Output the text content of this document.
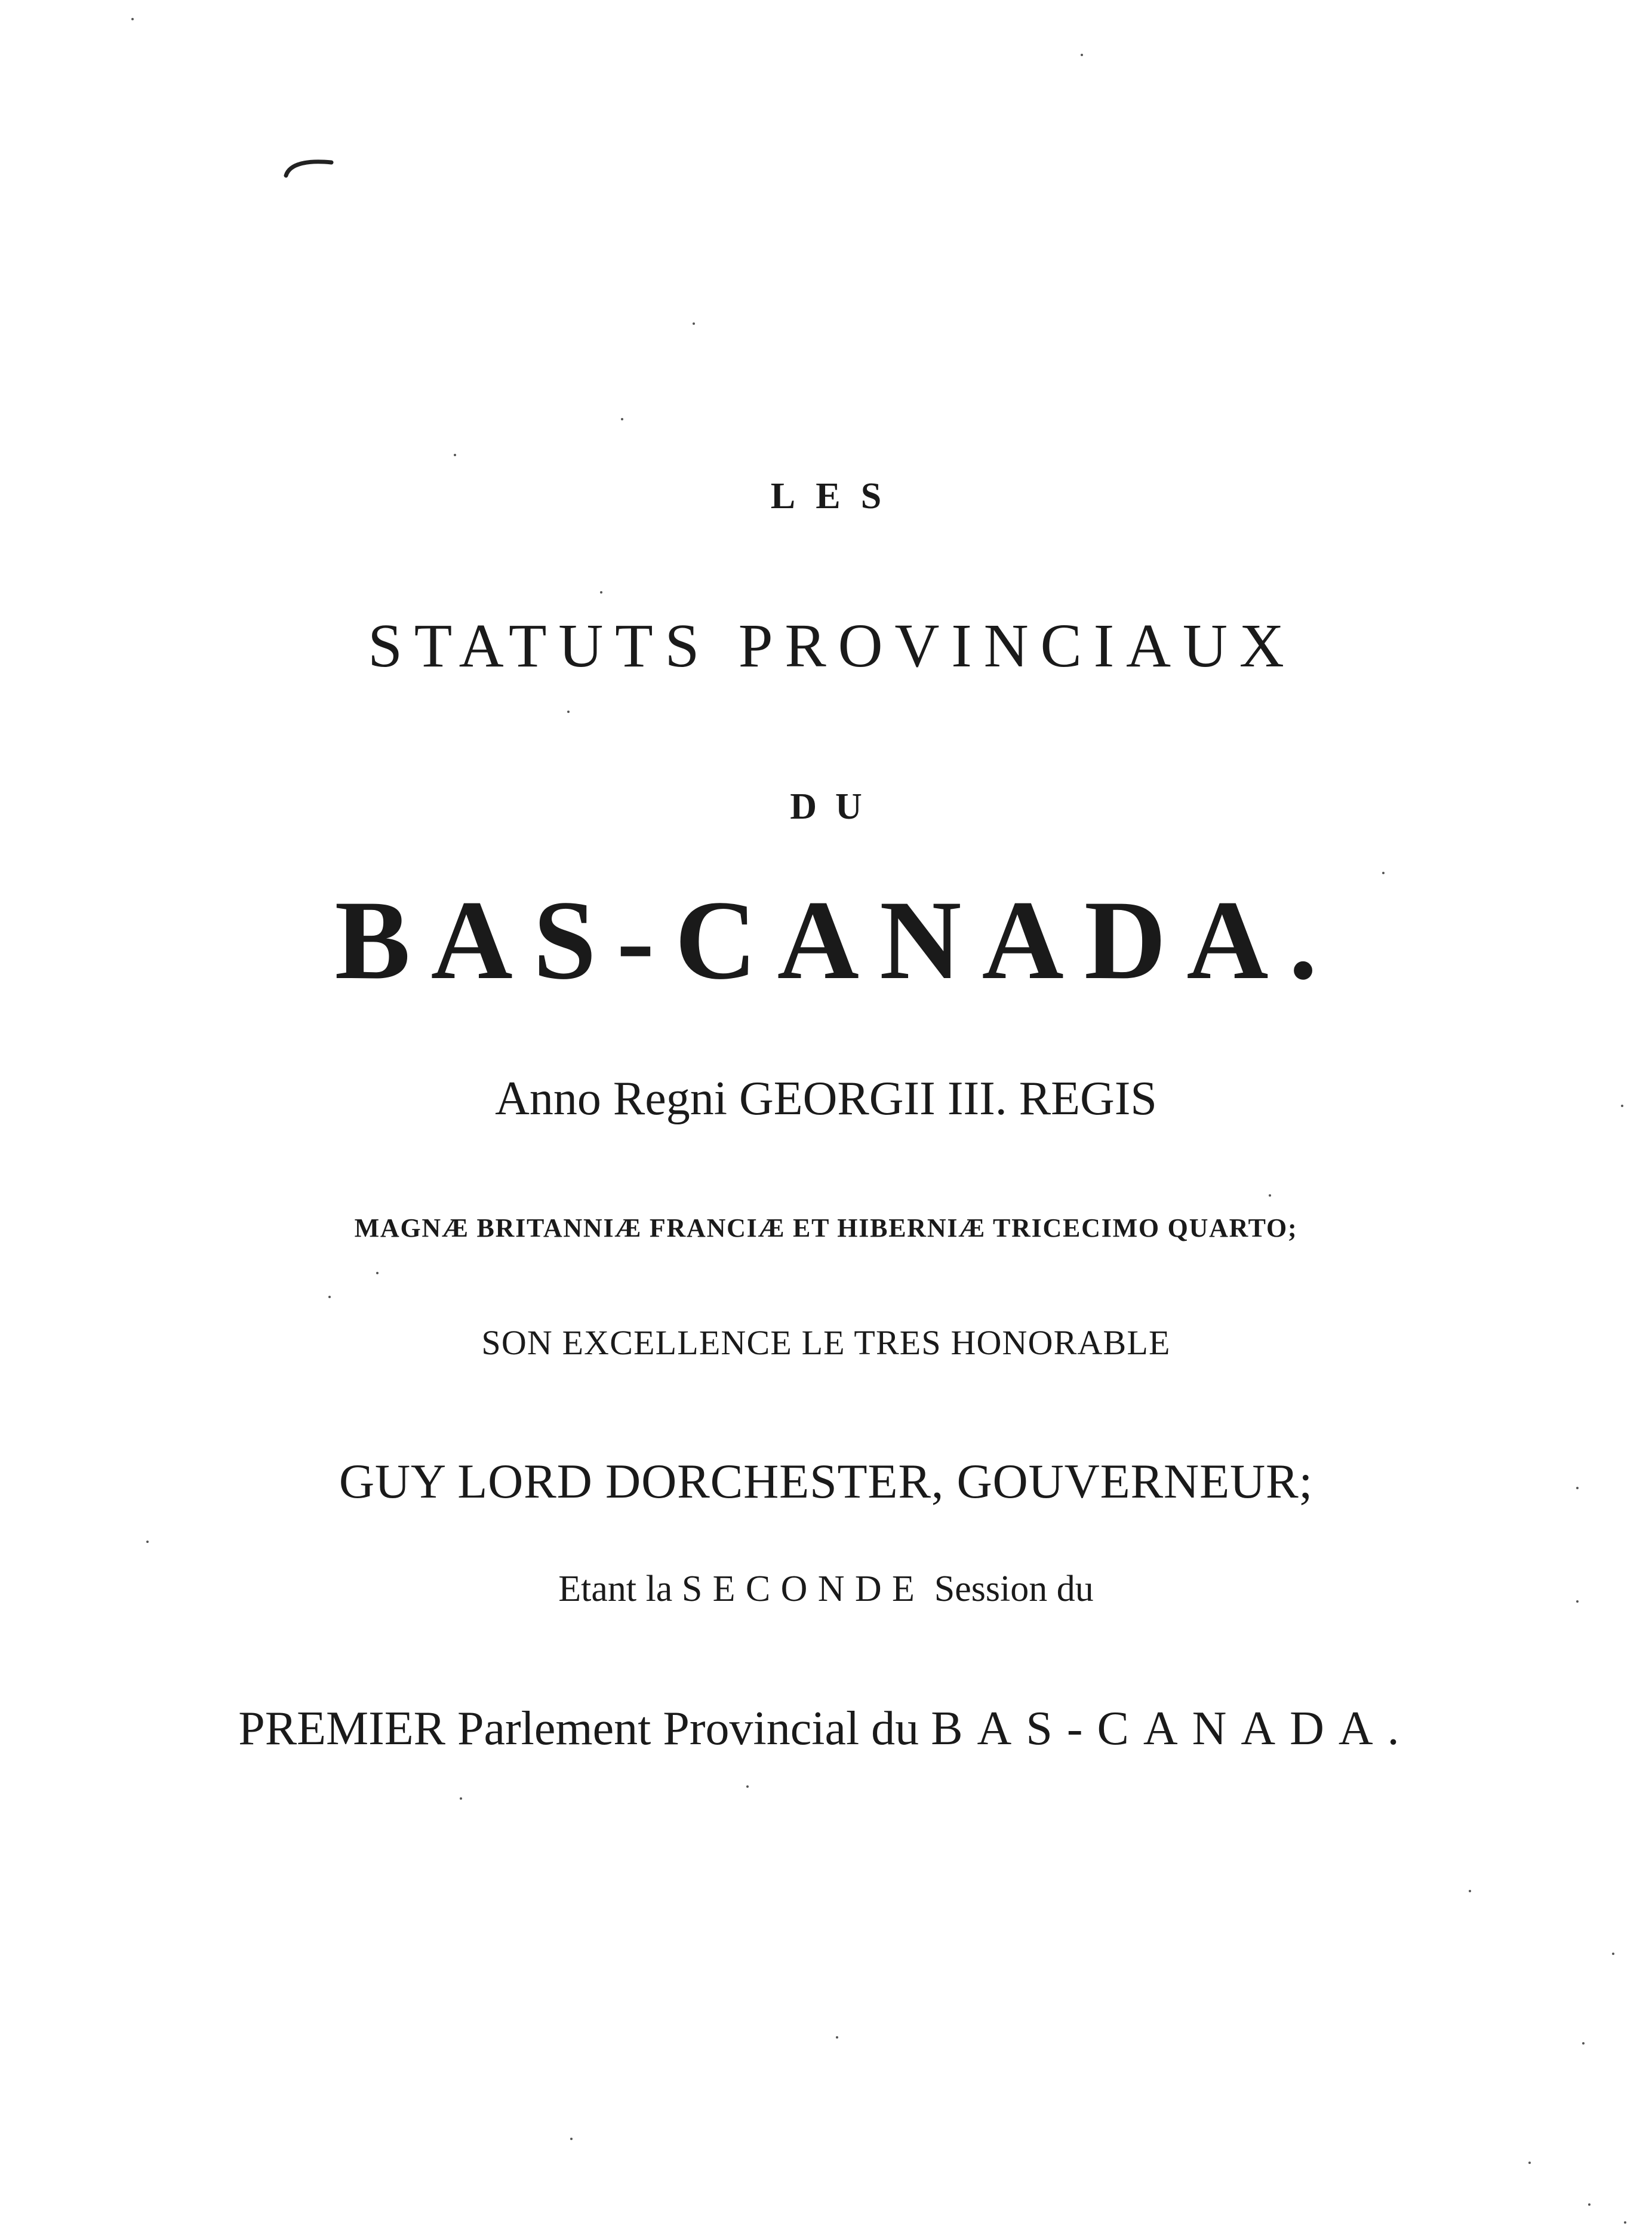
LES
STATUTS PROVINCIAUX
DU
BAS-CANADA.
Anno Regni GEORGII III. REGIS
MAGNÆ BRITANNIÆ FRANCIÆ ET HIBERNIÆ TRICECIMO QUARTO;
SON EXCELLENCE LE TRES HONORABLE
GUY LORD DORCHESTER, GOUVERNEUR;
Etant la SECONDE Session du
PREMIER Parlement Provincial du BAS-CANADA.
